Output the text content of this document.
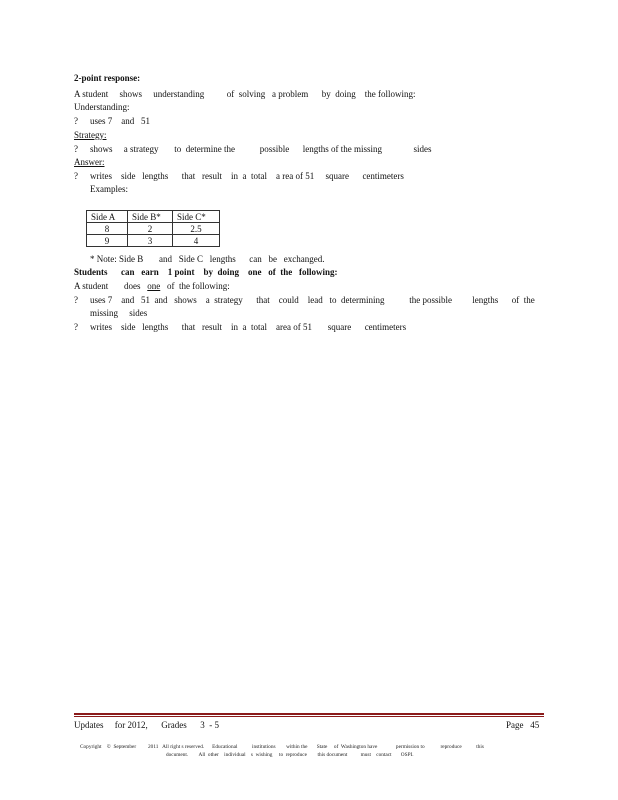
2-point response:
A student     shows     understanding          of  solving   a problem      by  doing    the following:
Understanding:
? uses 7    and   51
Strategy:
? shows     a strategy       to  determine the           possible      lengths of the missing              sides
Answer:
? writes    side   lengths      that   result    in  a  total    a rea of 51     square      centimeters
Examples:
Side A	Side B*	Side C*
8	2	2.5
9	3	4
* Note: Side B       and   Side C   lengths      can   be   exchanged.
Students      can   earn    1 point    by  doing    one   of  the   following:
A student       does   one   of  the following:
? uses 7    and   51  and   shows    a  strategy      that    could    lead   to  determining           the possible         lengths      of  the
missing     sides
? writes    side   lengths      that   result    in  a  total    area of 51       square      centimeters
Updates     for 2012,      Grades      3  - 5	Page   45
Copyright    ©  September         2011   All right s reserved.      Educational           institutions        within the       State     of  Washington have              permission to            reproduce           this
document.        All  other    individual    s  wishing     to  reproduce        this document          must    contact       OSPI.
